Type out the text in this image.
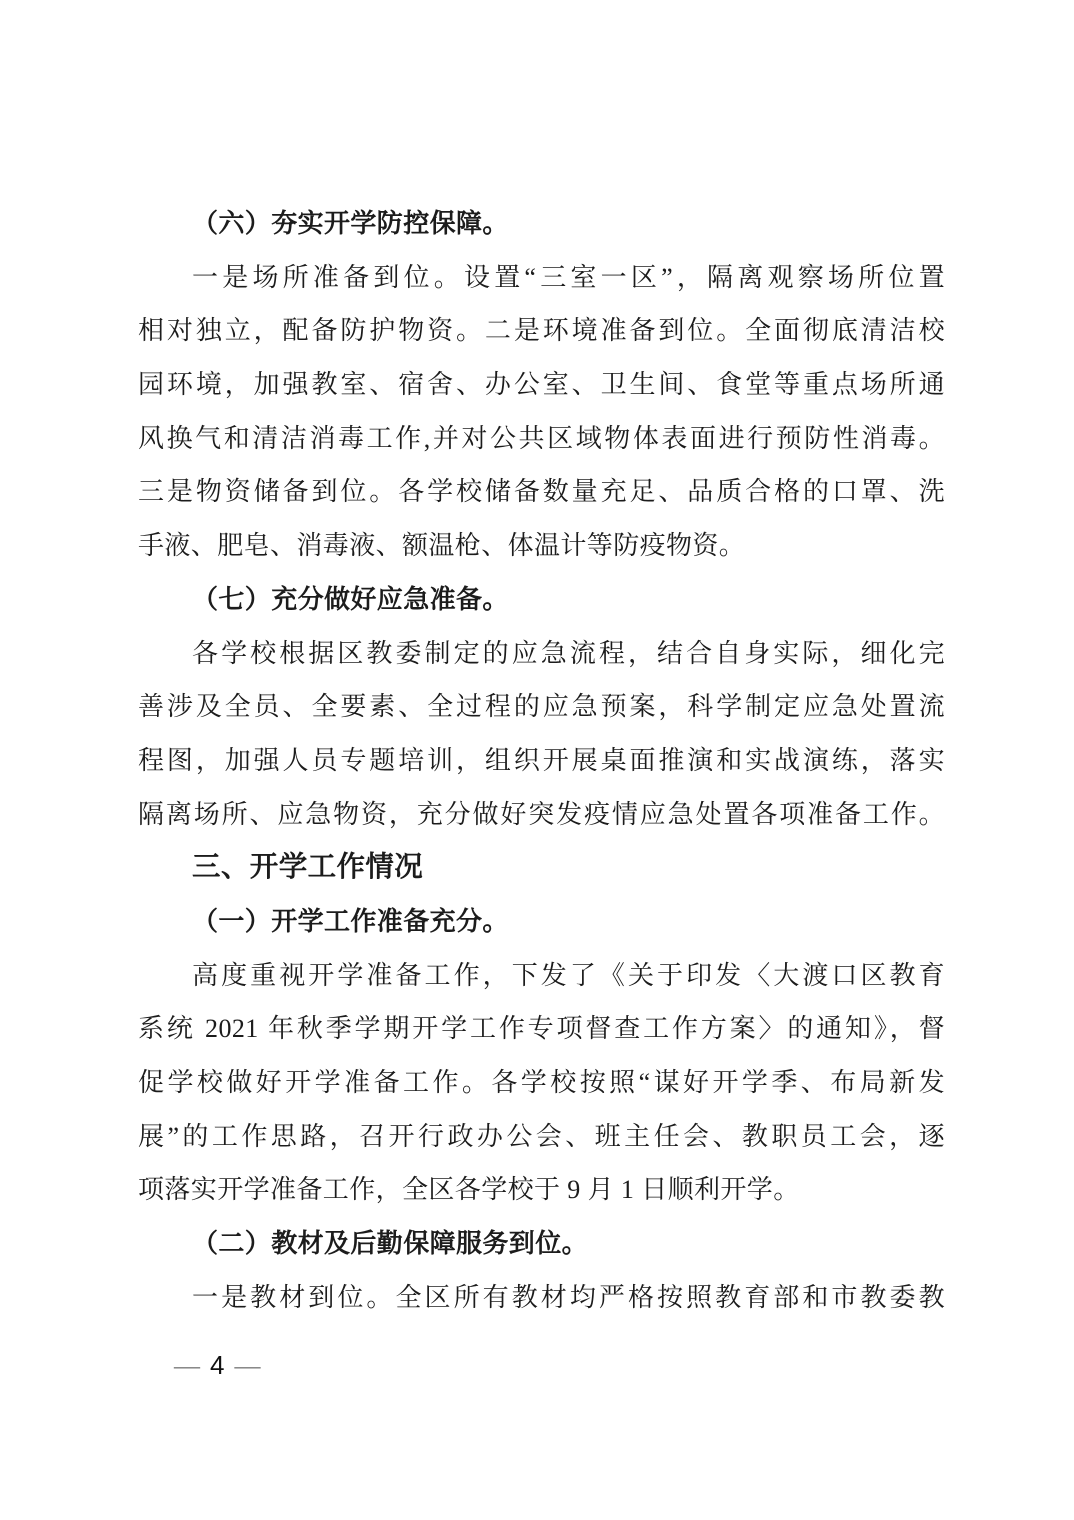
（六）夯实开学防控保障。
一是场所准备到位。设置“三室一区”，隔离观察场所位置
相对独立，配备防护物资。二是环境准备到位。全面彻底清洁校
园环境，加强教室、宿舍、办公室、卫生间、食堂等重点场所通
风换气和清洁消毒工作,并对公共区域物体表面进行预防性消毒。
三是物资储备到位。各学校储备数量充足、品质合格的口罩、洗
手液、肥皂、消毒液、额温枪、体温计等防疫物资。
（七）充分做好应急准备。
各学校根据区教委制定的应急流程，结合自身实际，细化完
善涉及全员、全要素、全过程的应急预案，科学制定应急处置流
程图，加强人员专题培训，组织开展桌面推演和实战演练，落实
隔离场所、应急物资，充分做好突发疫情应急处置各项准备工作。
三、开学工作情况
（一）开学工作准备充分。
高度重视开学准备工作，下发了《关于印发〈大渡口区教育
系统 2021 年秋季学期开学工作专项督查工作方案〉的通知》，督
促学校做好开学准备工作。各学校按照“谋好开学季、布局新发
展”的工作思路，召开行政办公会、班主任会、教职员工会，逐
项落实开学准备工作，全区各学校于 9 月 1 日顺利开学。
（二）教材及后勤保障服务到位。
一是教材到位。全区所有教材均严格按照教育部和市教委教
— 4 —
